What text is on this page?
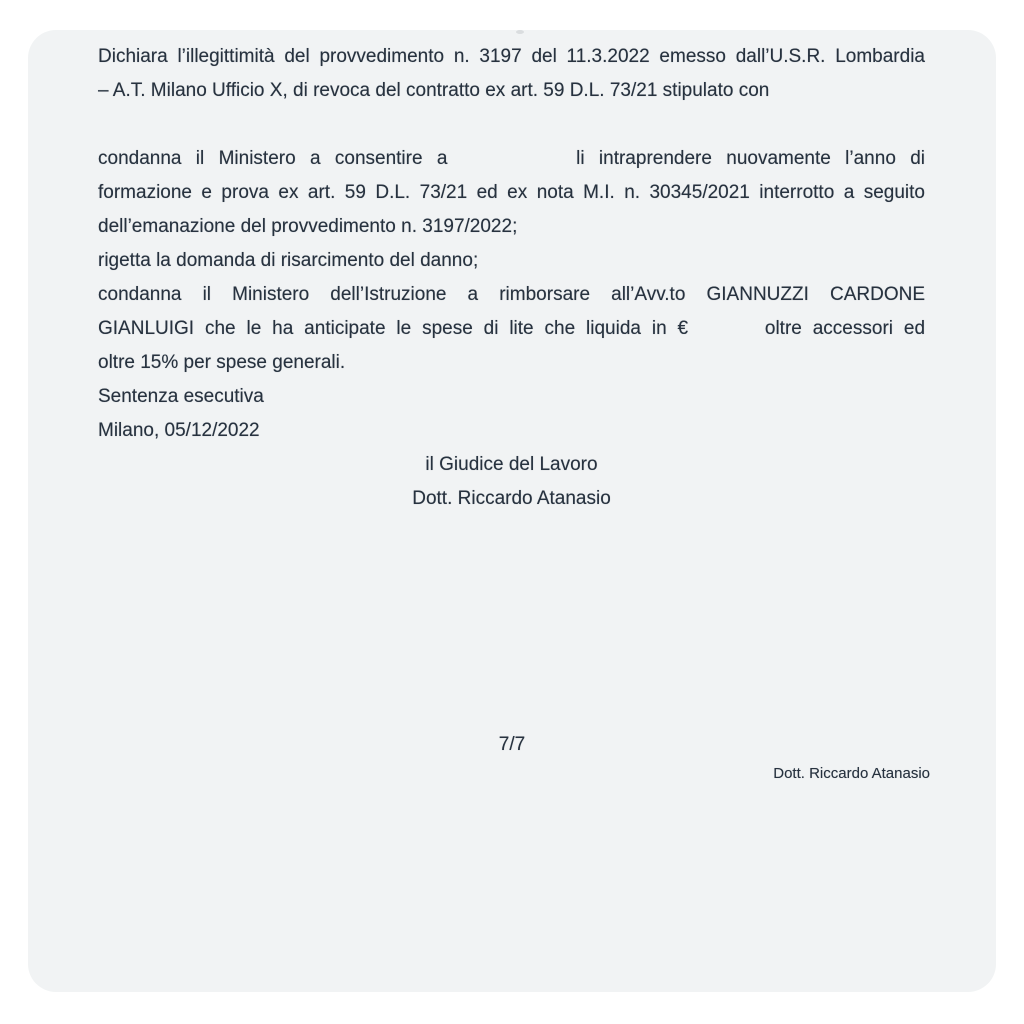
Dichiara l’illegittimità del provvedimento n. 3197 del 11.3.2022 emesso dall’U.S.R. Lombardia
– A.T. Milano Ufficio X, di revoca del contratto ex art. 59 D.L. 73/21 stipulato con
condanna il Ministero a consentire a	li intraprendere nuovamente l’anno di
formazione e prova ex art. 59 D.L. 73/21 ed ex nota M.I. n. 30345/2021 interrotto a seguito
dell’emanazione del provvedimento n. 3197/2022;
rigetta la domanda di risarcimento del danno;
condanna il Ministero dell’Istruzione a rimborsare all’Avv.to GIANNUZZI CARDONE
GIANLUIGI che le ha anticipate le spese di lite che liquida in €	oltre accessori ed
oltre 15% per spese generali.
Sentenza esecutiva
Milano, 05/12/2022
il Giudice del Lavoro
Dott. Riccardo Atanasio
7/7
Dott. Riccardo Atanasio
